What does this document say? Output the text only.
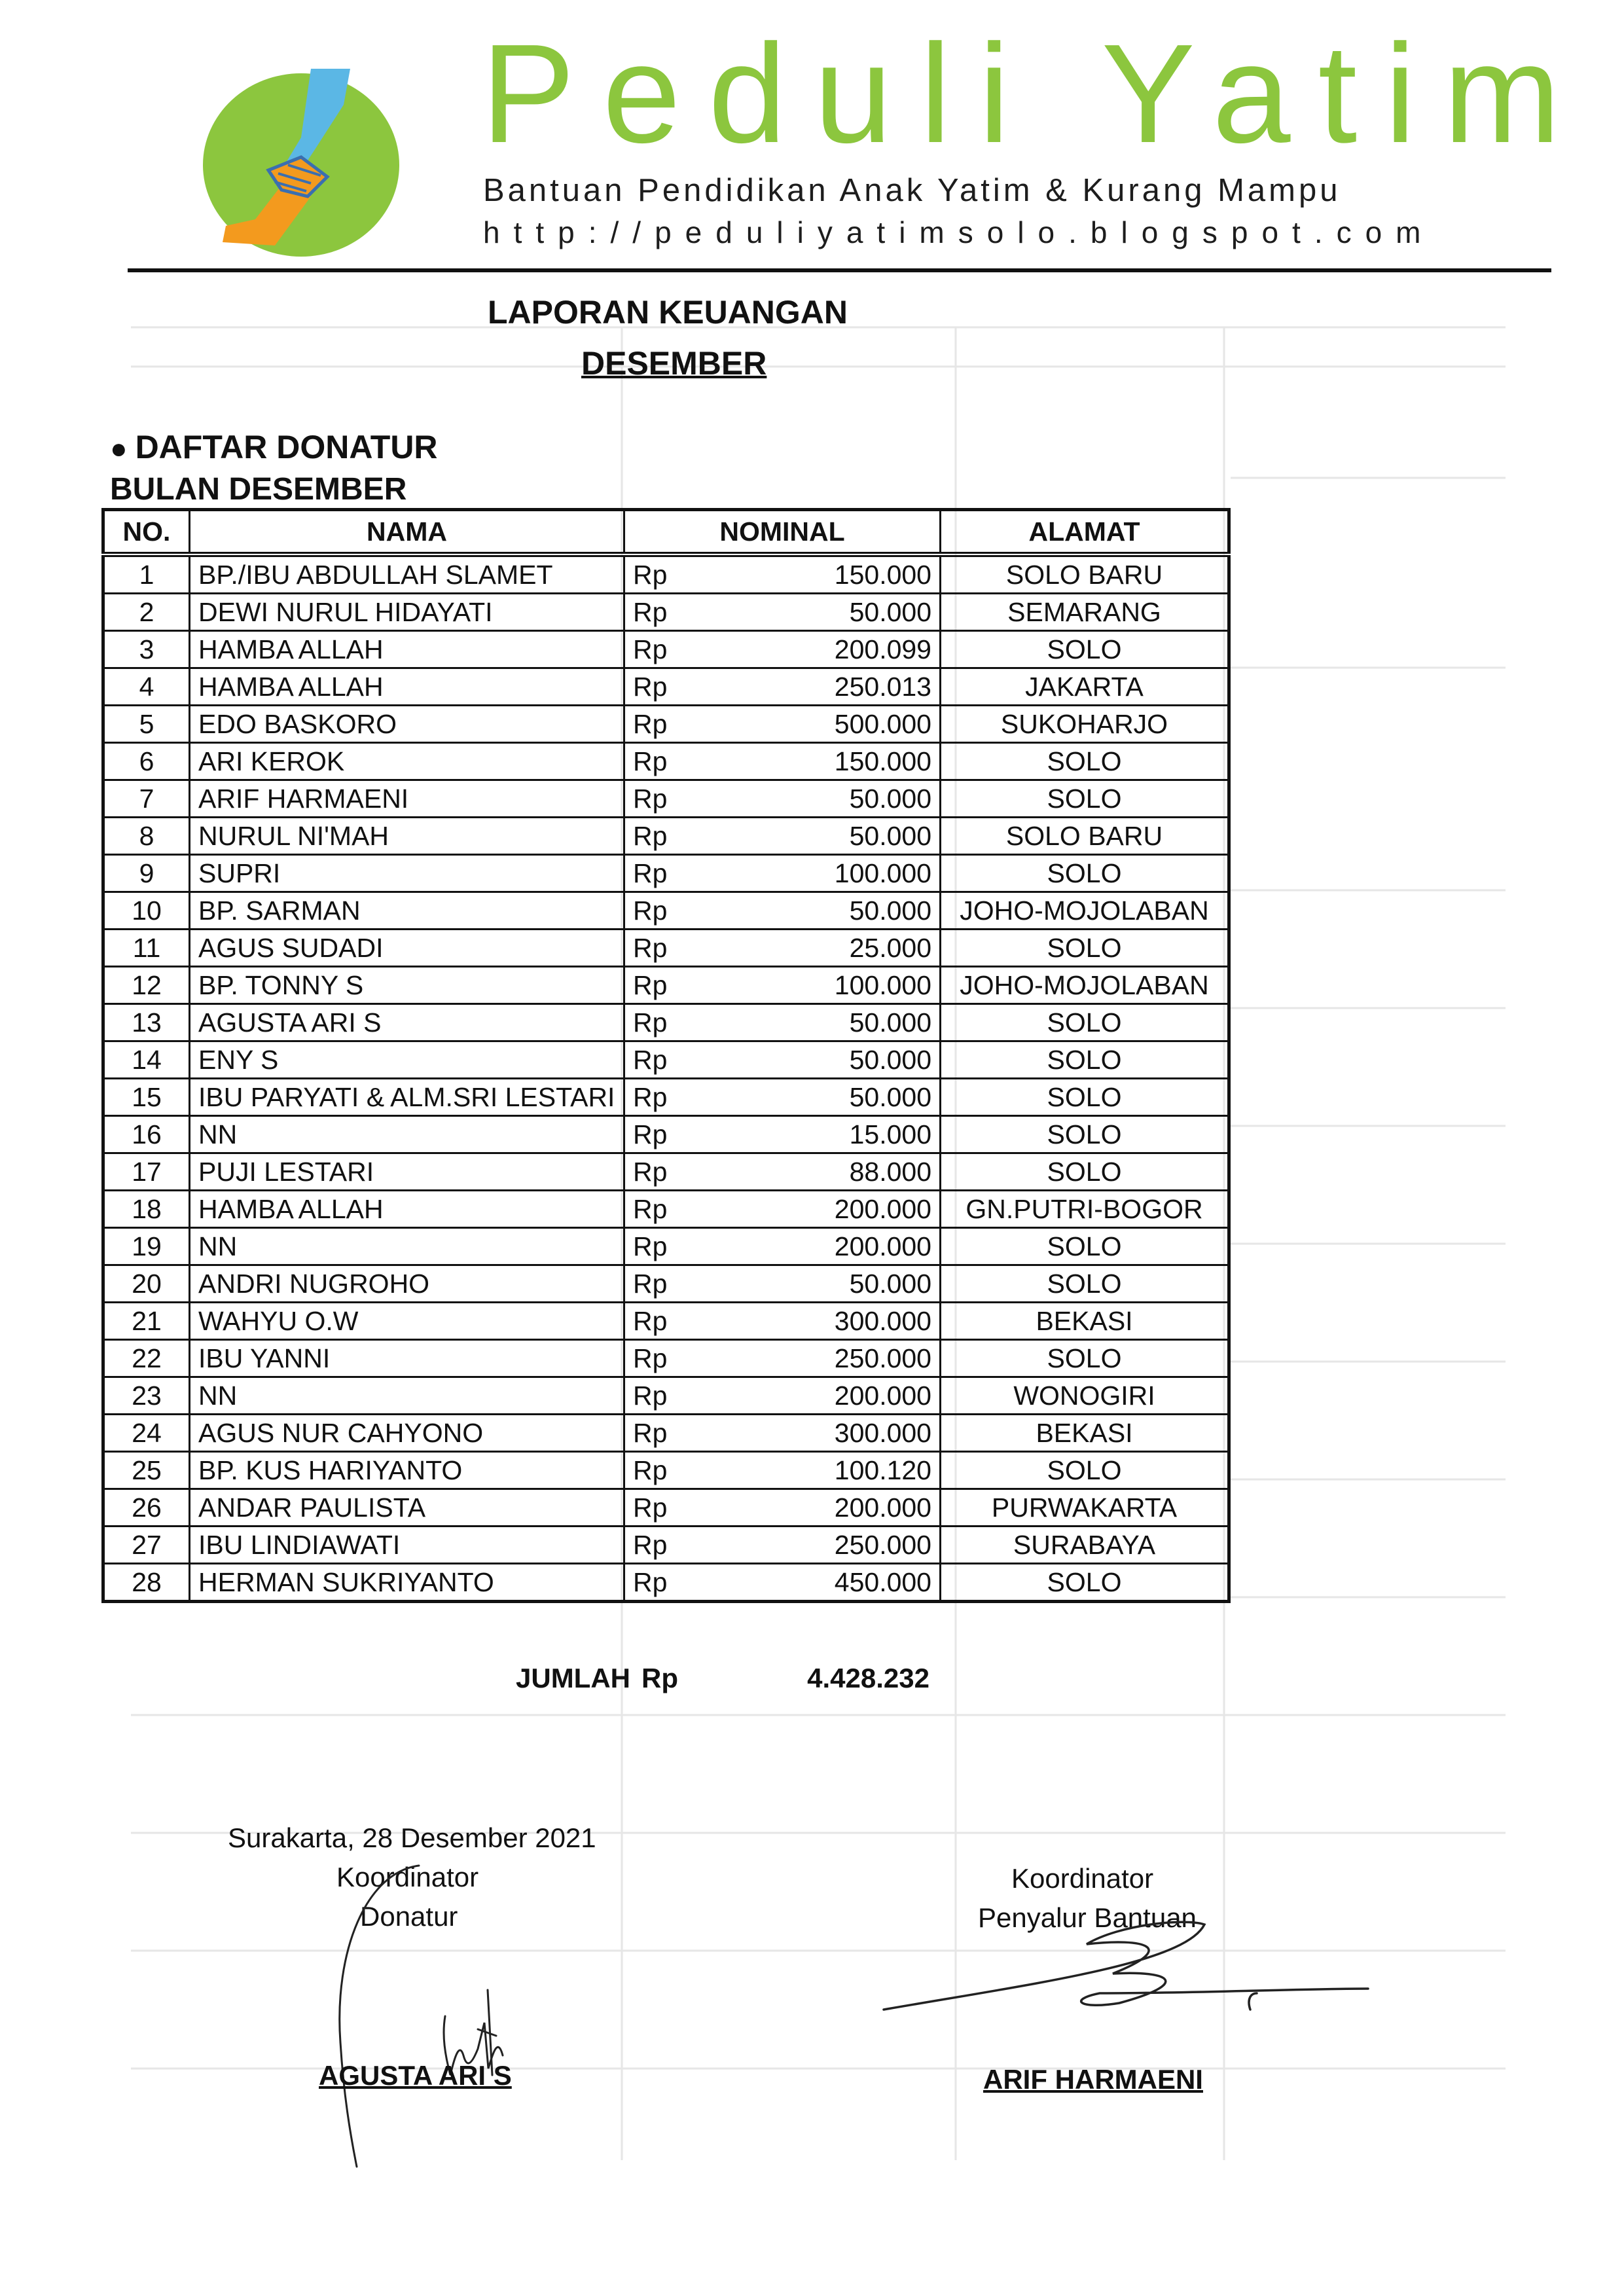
Peduli Yatim
Bantuan Pendidikan Anak Yatim & Kurang Mampu
http://peduliyatimsolo.blogspot.com
LAPORAN KEUANGAN
DESEMBER
● DAFTAR DONATUR
BULAN DESEMBER
NO.	NAMA	NOMINAL		ALAMAT
1	BP./IBU ABDULLAH SLAMET	Rp	150.000	SOLO BARU
2	DEWI NURUL HIDAYATI	Rp	50.000	SEMARANG
3	HAMBA ALLAH	Rp	200.099	SOLO
4	HAMBA ALLAH	Rp	250.013	JAKARTA
5	EDO BASKORO	Rp	500.000	SUKOHARJO
6	ARI KEROK	Rp	150.000	SOLO
7	ARIF HARMAENI	Rp	50.000	SOLO
8	NURUL NI'MAH	Rp	50.000	SOLO BARU
9	SUPRI	Rp	100.000	SOLO
10	BP. SARMAN	Rp	50.000	JOHO-MOJOLABAN
11	AGUS SUDADI	Rp	25.000	SOLO
12	BP. TONNY S	Rp	100.000	JOHO-MOJOLABAN
13	AGUSTA ARI S	Rp	50.000	SOLO
14	ENY S	Rp	50.000	SOLO
15	IBU PARYATI & ALM.SRI LESTARI	Rp	50.000	SOLO
16	NN	Rp	15.000	SOLO
17	PUJI LESTARI	Rp	88.000	SOLO
18	HAMBA ALLAH	Rp	200.000	GN.PUTRI-BOGOR
19	NN	Rp	200.000	SOLO
20	ANDRI NUGROHO	Rp	50.000	SOLO
21	WAHYU O.W	Rp	300.000	BEKASI
22	IBU YANNI	Rp	250.000	SOLO
23	NN	Rp	200.000	WONOGIRI
24	AGUS NUR CAHYONO	Rp	300.000	BEKASI
25	BP. KUS HARIYANTO	Rp	100.120	SOLO
26	ANDAR PAULISTA	Rp	200.000	PURWAKARTA
27	IBU LINDIAWATI	Rp	250.000	SURABAYA
28	HERMAN SUKRIYANTO	Rp	450.000	SOLO
JUMLAH Rp	4.428.232
Surakarta, 28 Desember 2021
Koordinator
Donatur
Koordinator
Penyalur Bantuan
AGUSTA ARI S	ARIF HARMAENI
